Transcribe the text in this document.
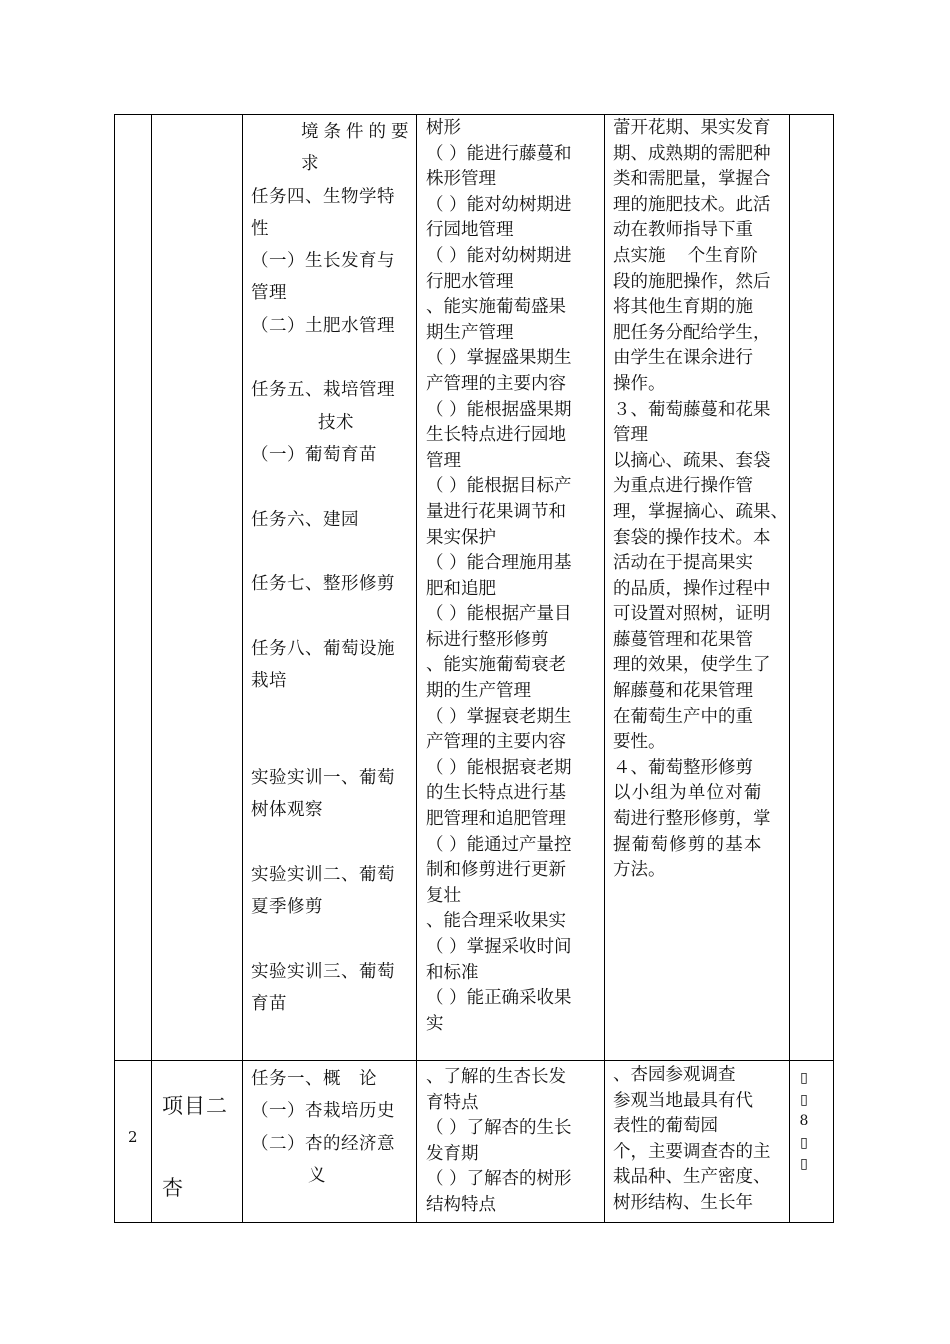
境条件的要
求
任务四、生物学特
性
（一）生长发育与
管理
（二）土肥水管理
任务五、栽培管理
技术
（一）葡萄育苗
任务六、建园
任务七、整形修剪
任务八、葡萄设施
栽培
实验实训一、葡萄
树体观察
实验实训二、葡萄
夏季修剪
实验实训三、葡萄
育苗
树形
（ ）能进行藤蔓和
株形管理
（ ）能对幼树期进
行园地管理
（ ）能对幼树期进
行肥水管理
、能实施葡萄盛果
期生产管理
（ ）掌握盛果期生
产管理的主要内容
（ ）能根据盛果期
生长特点进行园地
管理
（ ）能根据目标产
量进行花果调节和
果实保护
（ ）能合理施用基
肥和追肥
（ ）能根据产量目
标进行整形修剪
、能实施葡萄衰老
期的生产管理
（ ）掌握衰老期生
产管理的主要内容
（ ）能根据衰老期
的生长特点进行基
肥管理和追肥管理
（ ）能通过产量控
制和修剪进行更新
复壮
、能合理采收果实
（ ）掌握采收时间
和标准
（ ）能正确采收果
实
蕾开花期、果实发育
期、成熟期的需肥种
类和需肥量，掌握合
理的施肥技术。此活
动在教师指导下重
点实施    个生育阶
段的施肥操作，然后
将其他生育期的施
肥任务分配给学生，
由学生在课余进行
操作。
３、葡萄藤蔓和花果
管理
以摘心、疏果、套袋
为重点进行操作管
理，掌握摘心、疏果、
套袋的操作技术。本
活动在于提高果实
的品质，操作过程中
可设置对照树，证明
藤蔓管理和花果管
理的效果，使学生了
解藤蔓和花果管理
在葡萄生产中的重
要性。
４、葡萄整形修剪
以小组为单位对葡
萄进行整形修剪，掌
握葡萄修剪的基本
方法。
2
项目二
杏
任务一、概　论
（一）杏栽培历史
（二）杏的经济意
义
、了解的生杏长发
育特点
（ ）了解杏的生长
发育期
（ ）了解杏的树形
结构特点
、杏园参观调查
参观当地最具有代
表性的葡萄园
个，主要调查杏的主
栽品种、生产密度、
树形结构、生长年
▯
▯
8
▯
▯
